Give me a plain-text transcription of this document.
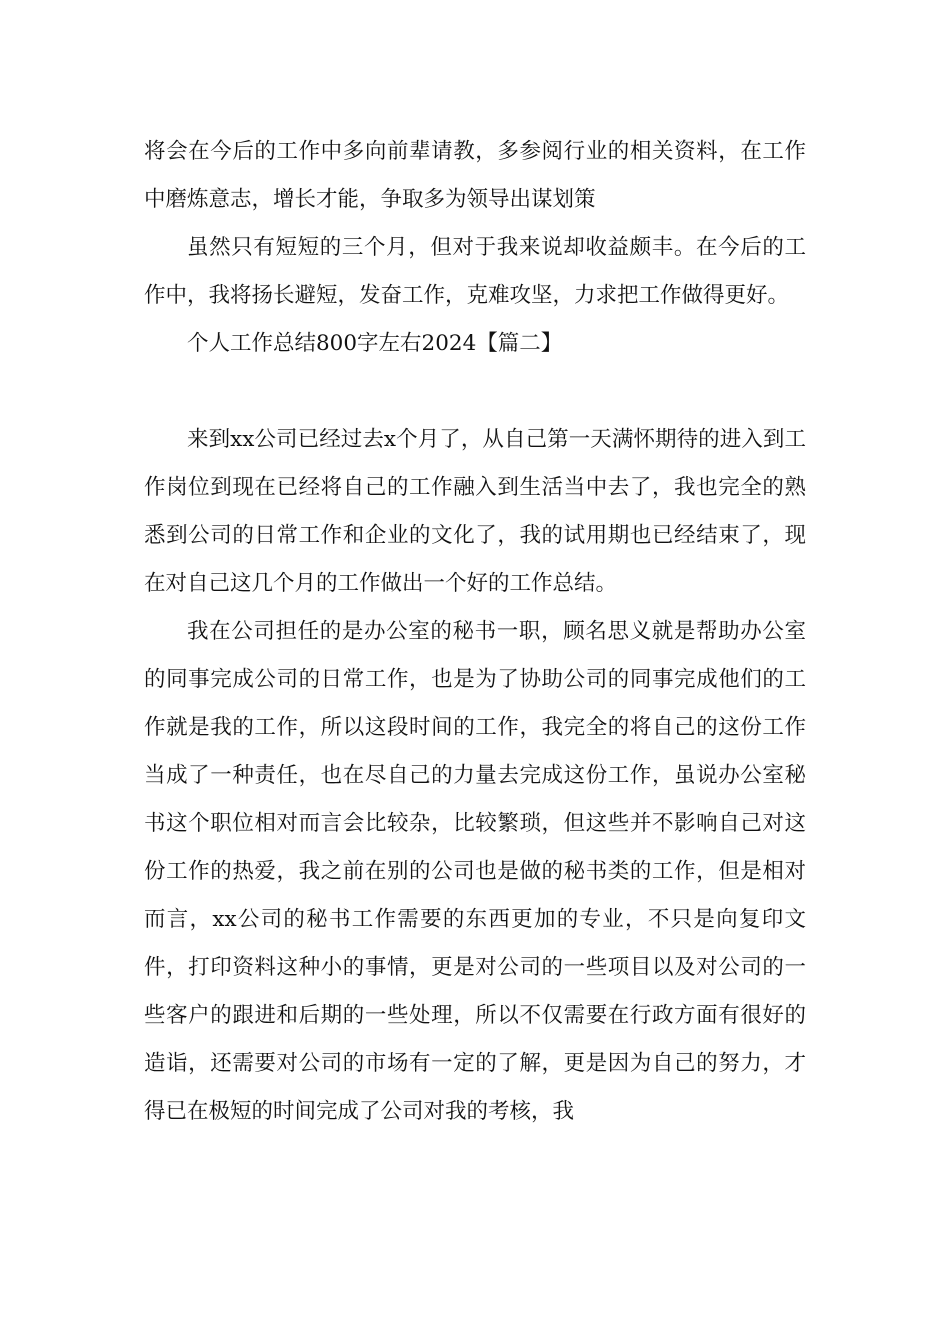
将会在今后的工作中多向前辈请教，多参阅行业的相关资料，在工作中磨炼意志，增长才能，争取多为领导出谋划策

虽然只有短短的三个月，但对于我来说却收益颇丰。在今后的工作中，我将扬长避短，发奋工作，克难攻坚，力求把工作做得更好。

个人工作总结800字左右2024【篇二】

来到xx公司已经过去x个月了，从自己第一天满怀期待的进入到工作岗位到现在已经将自己的工作融入到生活当中去了，我也完全的熟悉到公司的日常工作和企业的文化了，我的试用期也已经结束了，现在对自己这几个月的工作做出一个好的工作总结。

我在公司担任的是办公室的秘书一职，顾名思义就是帮助办公室的同事完成公司的日常工作，也是为了协助公司的同事完成他们的工作就是我的工作，所以这段时间的工作，我完全的将自己的这份工作当成了一种责任，也在尽自己的力量去完成这份工作，虽说办公室秘书这个职位相对而言会比较杂，比较繁琐，但这些并不影响自己对这份工作的热爱，我之前在别的公司也是做的秘书类的工作，但是相对而言，xx公司的秘书工作需要的东西更加的专业，不只是向复印文件，打印资料这种小的事情，更是对公司的一些项目以及对公司的一些客户的跟进和后期的一些处理，所以不仅需要在行政方面有很好的造诣，还需要对公司的市场有一定的了解，更是因为自己的努力，才得已在极短的时间完成了公司对我的考核，我
